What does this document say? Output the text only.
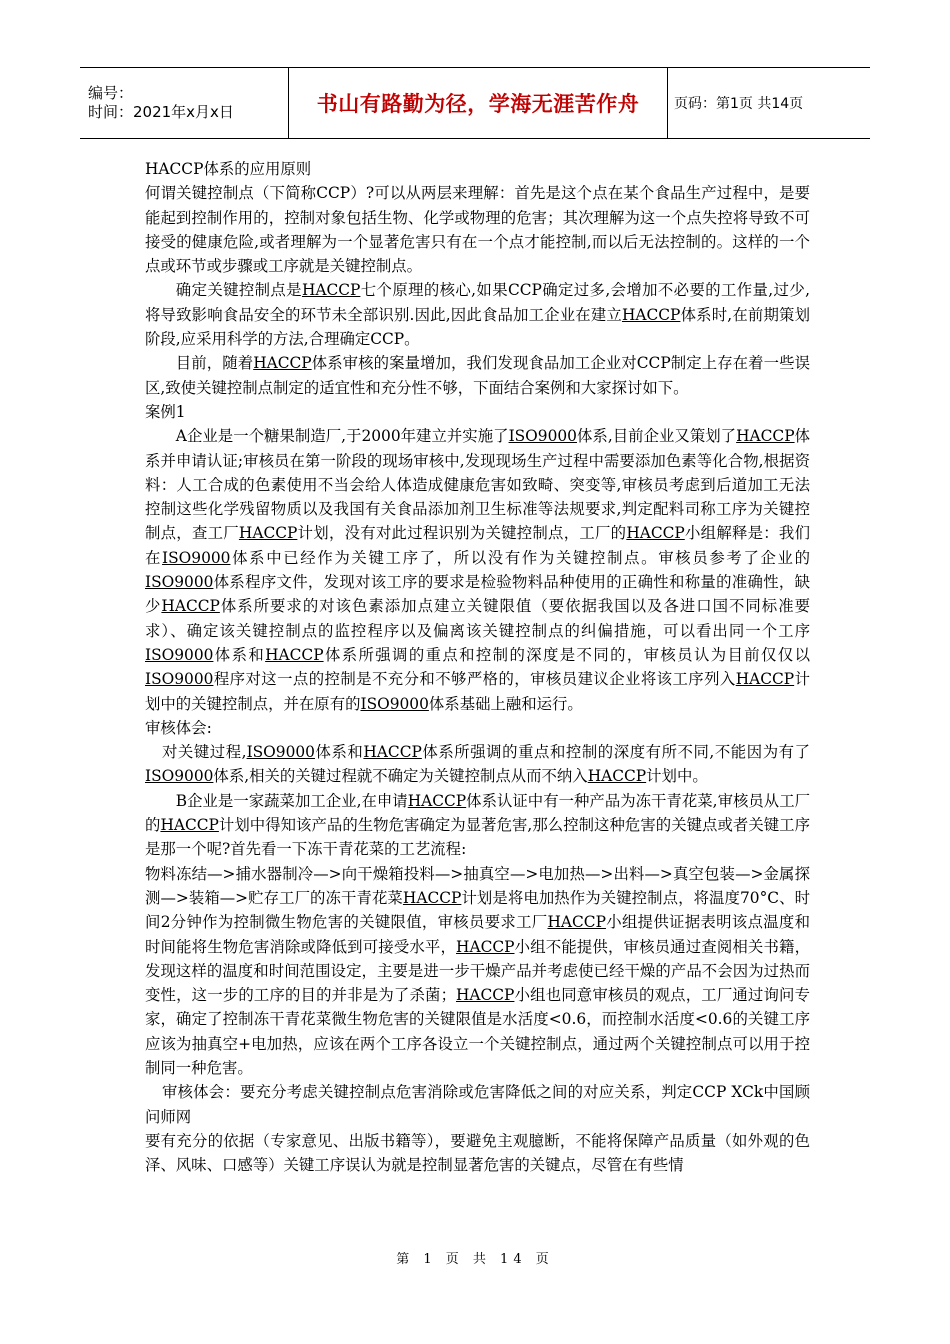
编号：
时间：2021年x月x日	书山有路勤为径，学海无涯苦作舟	页码：第1页 共14页

HACCP体系的应用原则

何谓关键控制点（下简称CCP）?可以从两层来理解：首先是这个点在某个食品生产过程中，是要能起到控制作用的，控制对象包括生物、化学或物理的危害；其次理解为这一个点失控将导致不可接受的健康危险,或者理解为一个显著危害只有在一个点才能控制,而以后无法控制的。这样的一个点或环节或步骤或工序就是关键控制点。

确定关键控制点是HACCP七个原理的核心,如果CCP确定过多,会增加不必要的工作量,过少,将导致影响食品安全的环节未全部识别.因此,因此食品加工企业在建立HACCP体系时,在前期策划阶段,应采用科学的方法,合理确定CCP。

目前，随着HACCP体系审核的案量增加，我们发现食品加工企业对CCP制定上存在着一些误区,致使关键控制点制定的适宜性和充分性不够，下面结合案例和大家探讨如下。

案例1

A企业是一个糖果制造厂,于2000年建立并实施了ISO9000体系,目前企业又策划了HACCP体系并申请认证;审核员在第一阶段的现场审核中,发现现场生产过程中需要添加色素等化合物,根据资料：人工合成的色素使用不当会给人体造成健康危害如致畸、突变等,审核员考虑到后道加工无法控制这些化学残留物质以及我国有关食品添加剂卫生标准等法规要求,判定配料司称工序为关键控制点，查工厂HACCP计划，没有对此过程识别为关键控制点，工厂的HACCP小组解释是：我们在ISO9000体系中已经作为关键工序了，所以没有作为关键控制点。审核员参考了企业的ISO9000体系程序文件，发现对该工序的要求是检验物料品种使用的正确性和称量的准确性，缺少HACCP体系所要求的对该色素添加点建立关键限值（要依据我国以及各进口国不同标准要求）、确定该关键控制点的监控程序以及偏离该关键控制点的纠偏措施，可以看出同一个工序ISO9000体系和HACCP体系所强调的重点和控制的深度是不同的，审核员认为目前仅仅以ISO9000程序对这一点的控制是不充分和不够严格的，审核员建议企业将该工序列入HACCP计划中的关键控制点，并在原有的ISO9000体系基础上融和运行。

审核体会:

对关键过程,ISO9000体系和HACCP体系所强调的重点和控制的深度有所不同,不能因为有了ISO9000体系,相关的关键过程就不确定为关键控制点从而不纳入HACCP计划中。

B企业是一家蔬菜加工企业,在申请HACCP体系认证中有一种产品为冻干青花菜,审核员从工厂的HACCP计划中得知该产品的生物危害确定为显著危害,那么控制这种危害的关键点或者关键工序是那一个呢?首先看一下冻干青花菜的工艺流程:

物料冻结—>捕水器制冷—>向干燥箱投料—>抽真空—>电加热—>出料—>真空包装—>金属探测—>装箱—>贮存工厂的冻干青花菜HACCP计划是将电加热作为关键控制点，将温度70°C、时间2分钟作为控制微生物危害的关键限值，审核员要求工厂HACCP小组提供证据表明该点温度和时间能将生物危害消除或降低到可接受水平，HACCP小组不能提供，审核员通过查阅相关书籍，发现这样的温度和时间范围设定，主要是进一步干燥产品并考虑使已经干燥的产品不会因为过热而变性，这一步的工序的目的并非是为了杀菌；HACCP小组也同意审核员的观点，工厂通过询问专家，确定了控制冻干青花菜微生物危害的关键限值是水活度<0.6，而控制水活度<0.6的关键工序应该为抽真空+电加热，应该在两个工序各设立一个关键控制点，通过两个关键控制点可以用于控制同一种危害。

审核体会：要充分考虑关键控制点危害消除或危害降低之间的对应关系，判定CCP XCk中国顾问师网

要有充分的依据（专家意见、出版书籍等），要避免主观臆断，不能将保障产品质量（如外观的色泽、风味、口感等）关键工序误认为就是控制显著危害的关键点，尽管在有些情

第 1 页 共 14 页
